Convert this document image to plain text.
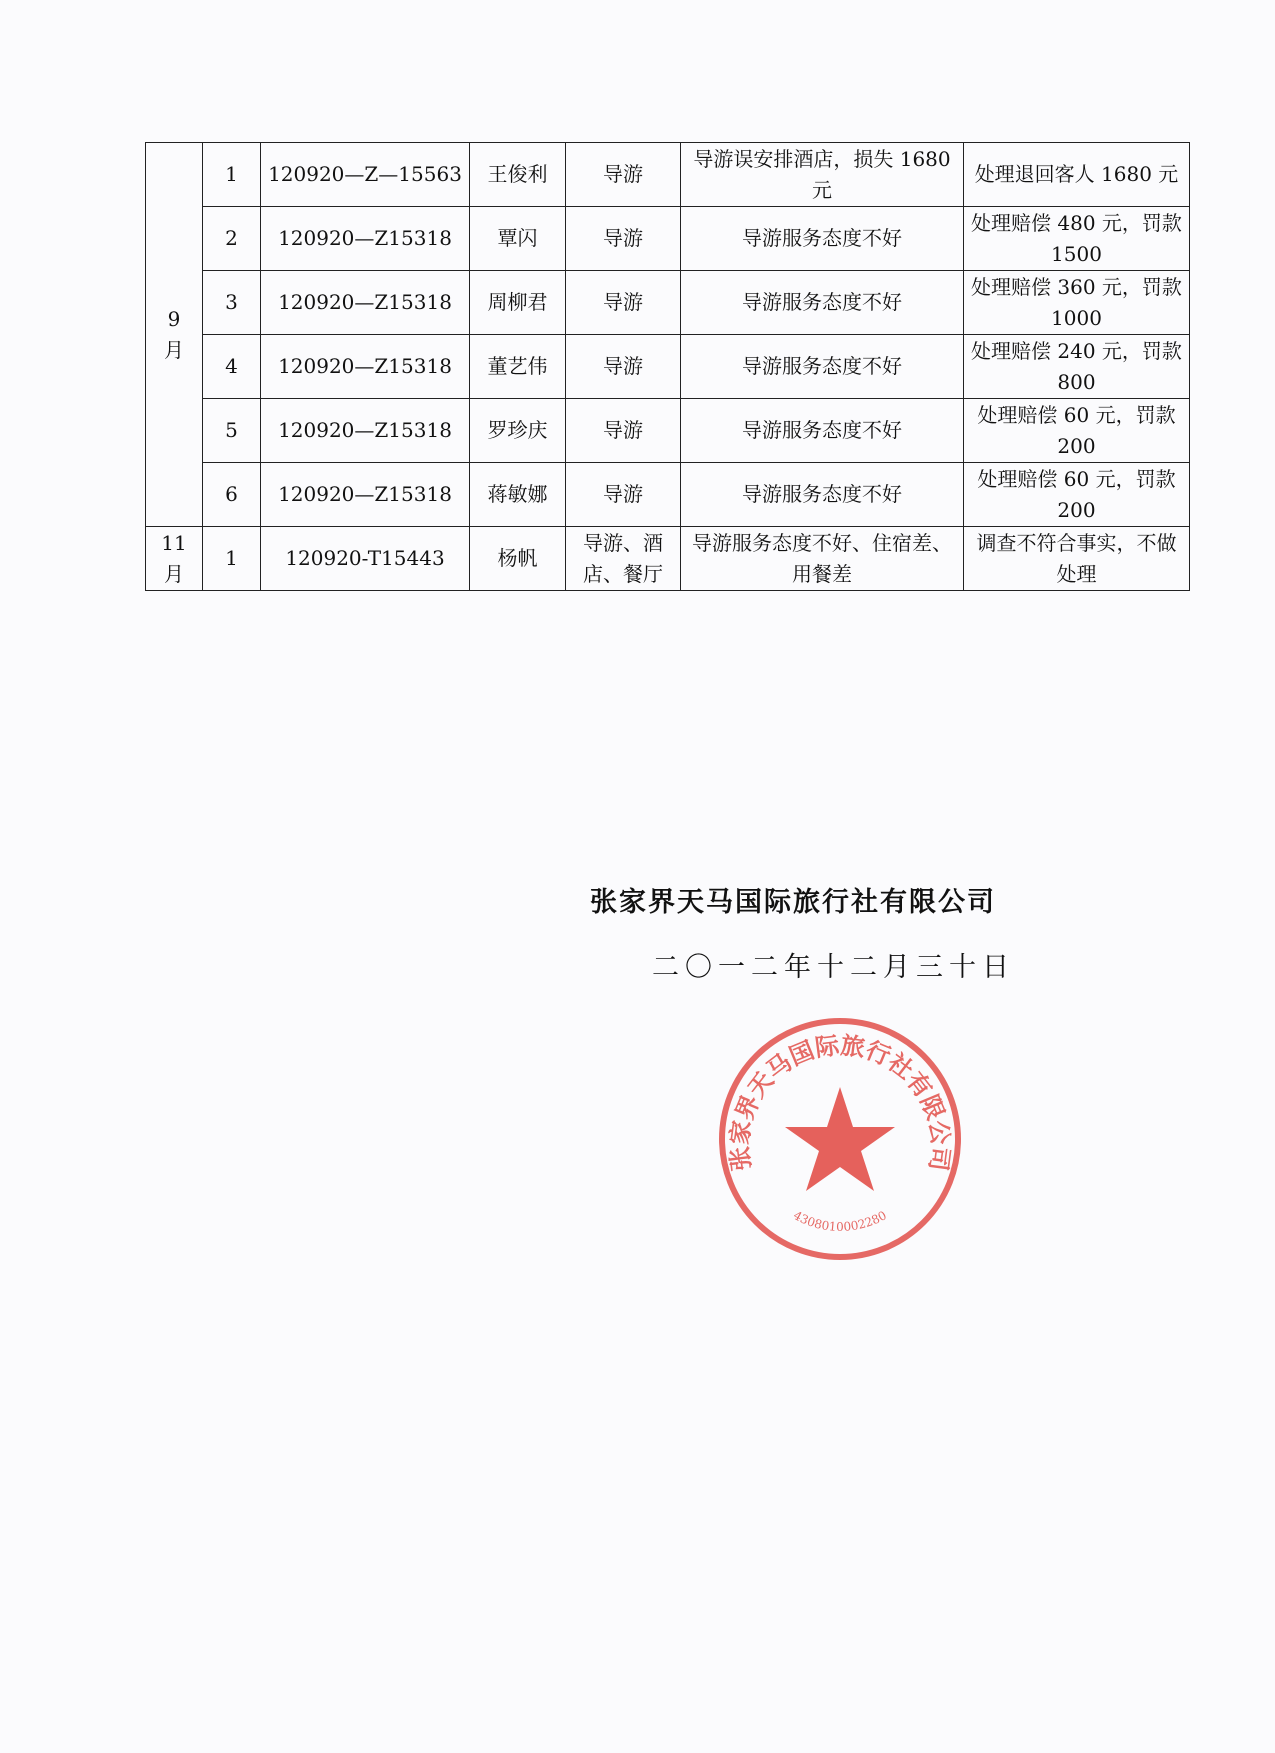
9
月	1	120920—Z—15563	王俊利	导游	导游误安排酒店，损失 1680 元	处理退回客人 1680 元
	2	120920—Z15318	覃闪	导游	导游服务态度不好	处理赔偿 480 元，罚款 1500
	3	120920—Z15318	周柳君	导游	导游服务态度不好	处理赔偿 360 元，罚款 1000
	4	120920—Z15318	董艺伟	导游	导游服务态度不好	处理赔偿 240 元，罚款 800
	5	120920—Z15318	罗珍庆	导游	导游服务态度不好	处理赔偿 60 元，罚款 200
	6	120920—Z15318	蒋敏娜	导游	导游服务态度不好	处理赔偿 60 元，罚款 200
11
月	1	120920-T15443	杨帆	导游、酒店、餐厅	导游服务态度不好、住宿差、用餐差	调查不符合事实，不做处理
张家界天马国际旅行社有限公司
4308010002280
张家界天马国际旅行社有限公司
二〇一二年十二月三十日
